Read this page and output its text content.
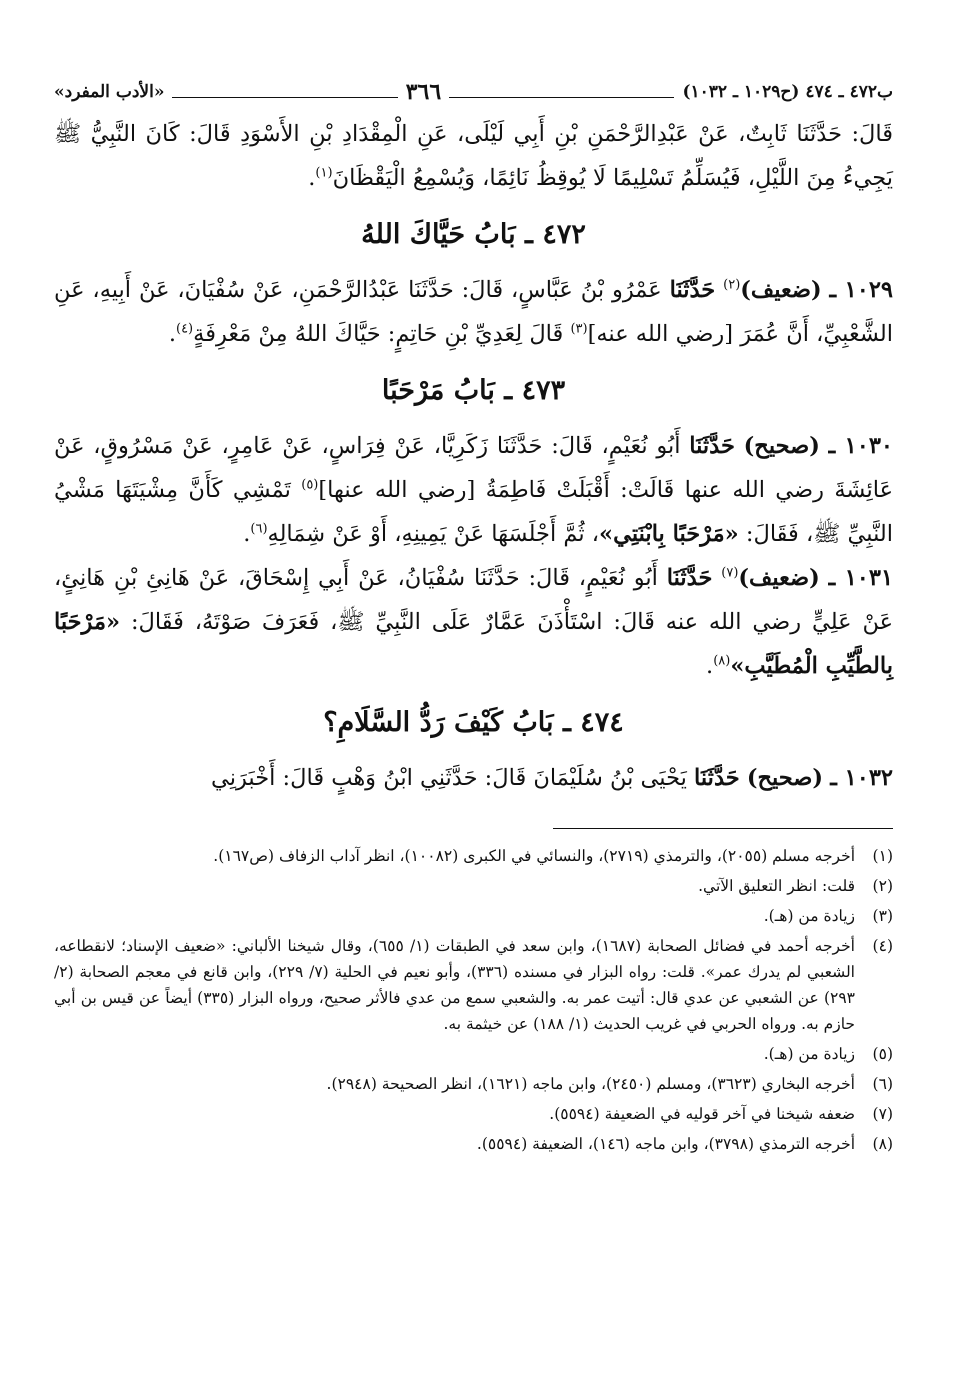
ب٤٧٢ ـ ٤٧٤ (ح١٠٢٩ ـ ١٠٣٢)
٣٦٦
«الأدب المفرد»

قَالَ: حَدَّثَنَا ثَابِتٌ، عَنْ عَبْدِالرَّحْمَنِ بْنِ أَبِي لَيْلَى، عَنِ الْمِقْدَادِ بْنِ الأَسْوَدِ قَالَ: كَانَ النَّبِيُّ ﷺ يَجِيءُ مِنَ اللَّيْلِ، فَيُسَلِّمُ تَسْلِيمًا لَا يُوقِظُ نَائِمًا، وَيُسْمِعُ الْيَقْظَانَ$^{(١)}$.

٤٧٢ ـ بَابُ حَيَّاكَ اللهُ

١٠٢٩ ـ (ضعيف)$^{(٢)}$ حَدَّثَنَا عَمْرُو بْنُ عَبَّاسٍ، قَالَ: حَدَّثَنَا عَبْدُالرَّحْمَنِ، عَنْ سُفْيَانَ، عَنْ أَبِيهِ، عَنِ الشَّعْبِيِّ، أَنَّ عُمَرَ [رضي الله عنه]$^{(٣)}$ قَالَ لِعَدِيِّ بْنِ حَاتِمٍ: حَيَّاكَ اللهُ مِنْ مَعْرِفَةٍ$^{(٤)}$.

٤٧٣ ـ بَابُ مَرْحَبًا

١٠٣٠ ـ (صحيح) حَدَّثَنَا أَبُو نُعَيْمٍ، قَالَ: حَدَّثَنَا زَكَرِيَّا، عَنْ فِرَاسٍ، عَنْ عَامِرٍ، عَنْ مَسْرُوقٍ، عَنْ عَائِشَةَ رضي الله عنها قَالَتْ: أَقْبَلَتْ فَاطِمَةُ [رضي الله عنها]$^{(٥)}$ تَمْشِي كَأَنَّ مِشْيَتَهَا مَشْيُ النَّبِيِّ ﷺ، فَقَالَ: «مَرْحَبًا بِابْنَتِي»، ثُمَّ أَجْلَسَهَا عَنْ يَمِينِهِ، أَوْ عَنْ شِمَالِهِ$^{(٦)}$.

١٠٣١ ـ (ضعيف)$^{(٧)}$ حَدَّثَنَا أَبُو نُعَيْمٍ، قَالَ: حَدَّثَنَا سُفْيَانُ، عَنْ أَبِي إِسْحَاقَ، عَنْ هَانِئِ بْنِ هَانِئٍ، عَنْ عَلِيٍّ رضي الله عنه قَالَ: اسْتَأْذَنَ عَمَّارٌ عَلَى النَّبِيِّ ﷺ، فَعَرَفَ صَوْتَهُ، فَقَالَ: «مَرْحَبًا بِالطَّيِّبِ الْمُطَيَّبِ»$^{(٨)}$.

٤٧٤ ـ بَابُ كَيْفَ رَدُّ السَّلَامِ؟

١٠٣٢ ـ (صحيح) حَدَّثَنَا يَحْيَى بْنُ سُلَيْمَانَ قَالَ: حَدَّثَنِي ابْنُ وَهْبٍ قَالَ: أَخْبَرَنِي

(١)
أخرجه مسلم (٢٠٥٥)، والترمذي (٢٧١٩)، والنسائي في الكبرى (١٠٠٨٢)، انظر آداب الزفاف (ص١٦٧).
(٢)
قلت: انظر التعليق الآتي.
(٣)
زيادة من (هـ).
(٤)
أخرجه أحمد في فضائل الصحابة (١٦٨٧)، وابن سعد في الطبقات (١/ ٦٥٥)، وقال شيخنا الألباني: «ضعيف الإسناد؛ لانقطاعه، الشعبي لم يدرك عمر». قلت: رواه البزار في مسنده (٣٣٦)، وأبو نعيم في الحلية (٧/ ٢٢٩)، وابن قانع في معجم الصحابة (٢/ ٢٩٣) عن الشعبي عن عدي قال: أتيت عمر به. والشعبي سمع من عدي فالأثر صحيح، ورواه البزار (٣٣٥) أيضاً عن قيس بن أبي حازم به. ورواه الحربي في غريب الحديث (١/ ١٨٨) عن خيثمة به.
(٥)
زيادة من (هـ).
(٦)
أخرجه البخاري (٣٦٢٣)، ومسلم (٢٤٥٠)، وابن ماجه (١٦٢١)، انظر الصحيحة (٢٩٤٨).
(٧)
ضعفه شيخنا في آخر قوليه في الضعيفة (٥٥٩٤).
(٨)
أخرجه الترمذي (٣٧٩٨)، وابن ماجه (١٤٦)، الضعيفة (٥٥٩٤).
